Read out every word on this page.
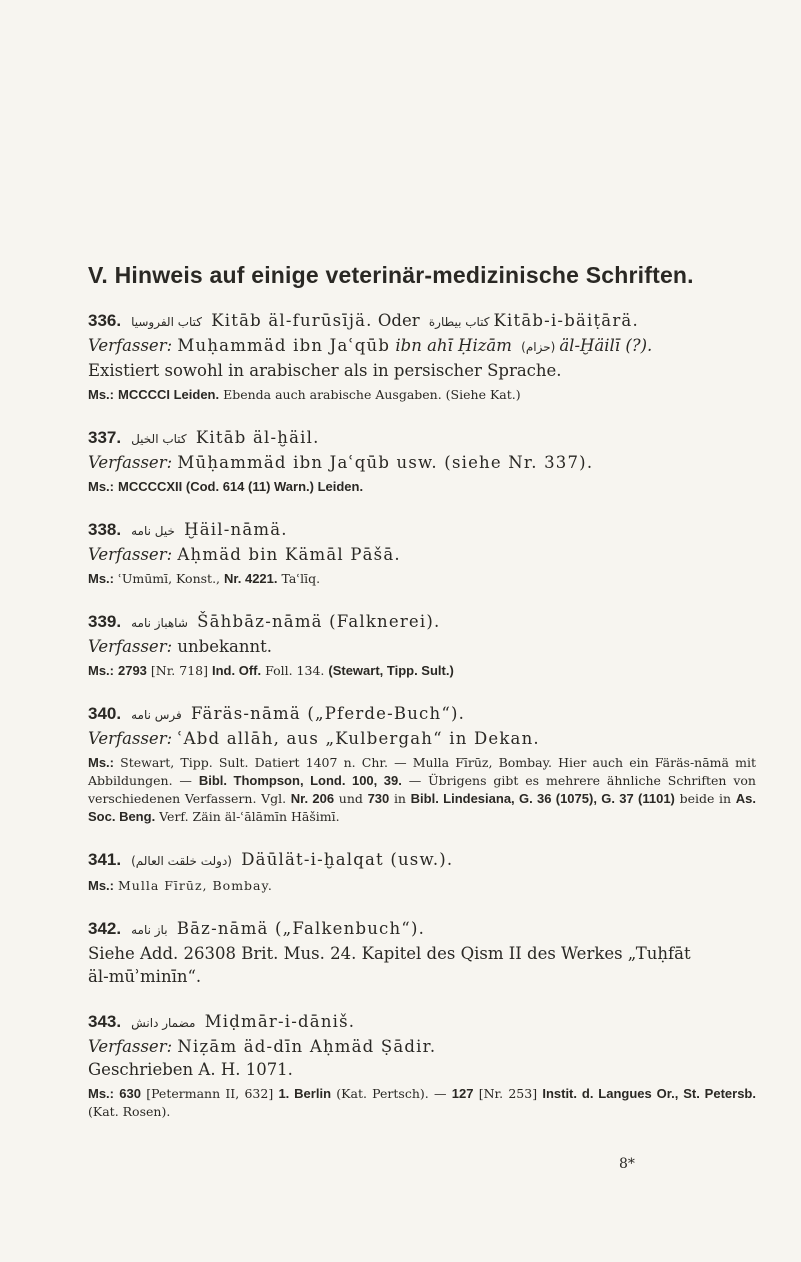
V. Hinweis auf einige veterinär-medizinische Schriften.
336. كتاب الفروسيا Kitāb äl-furūsījä. Oder كتاب بيطارة Kitāb-i-bäiṭārä.
Verfasser: Muḥammäd ibn Jaʿqūb ibn ahī Ḥizām (حزام) äl-Ḫäilī (?).
Existiert sowohl in arabischer als in persischer Sprache.
Ms.: MCCCCI Leiden. Ebenda auch arabische Ausgaben. (Siehe Kat.)
337. كتاب الخيل Kitāb äl-ḫäil.
Verfasser: Mūḥammäd ibn Jaʿqūb usw. (siehe Nr. 337).
Ms.: MCCCCXII (Cod. 614 (11) Warn.) Leiden.
338. خيل نامه Ḫäil-nāmä.
Verfasser: Aḥmäd bin Kämāl Pāšā.
Ms.: ʿUmūmī, Konst., Nr. 4221. Taʿlīq.
339. شاهباز نامه Šāhbāz-nāmä (Falknerei).
Verfasser: unbekannt.
Ms.: 2793 [Nr. 718] Ind. Off. Foll. 134. (Stewart, Tipp. Sult.)
340. فرس نامه Färäs-nāmä („Pferde-Buch“).
Verfasser: ʿAbd allāh, aus „Kulbergah“ in Dekan.
Ms.: Stewart, Tipp. Sult. Datiert 1407 n. Chr. — Mulla Fīrūz, Bombay. Hier auch ein Färäs-nāmä mit Abbildungen. — Bibl. Thompson, Lond. 100, 39. — Übrigens gibt es mehrere ähnliche Schriften von verschiedenen Verfassern. Vgl. Nr. 206 und 730 in Bibl. Lindesiana, G. 36 (1075), G. 37 (1101) beide in As. Soc. Beng. Verf. Zäin äl-ʿālāmīn Hāšimī.
341. (دولت خلقت العالم) Däūlät-i-ḫalqat (usw.).
Ms.: Mulla Fīrūz, Bombay.
342. باز نامه Bāz-nāmä („Falkenbuch“).
Siehe Add. 26308 Brit. Mus. 24. Kapitel des Qism II des Werkes „Tuḥfāt
äl-mūʾminīn“.
343. مضمار دانش Miḍmār-i-dāniš.
Verfasser: Niẓām äd-dīn Aḥmäd Ṣādir.
Geschrieben A. H. 1071.
Ms.: 630 [Petermann II, 632] 1. Berlin (Kat. Pertsch). — 127 [Nr. 253] Instit. d. Langues Or., St. Petersb. (Kat. Rosen).
8*
